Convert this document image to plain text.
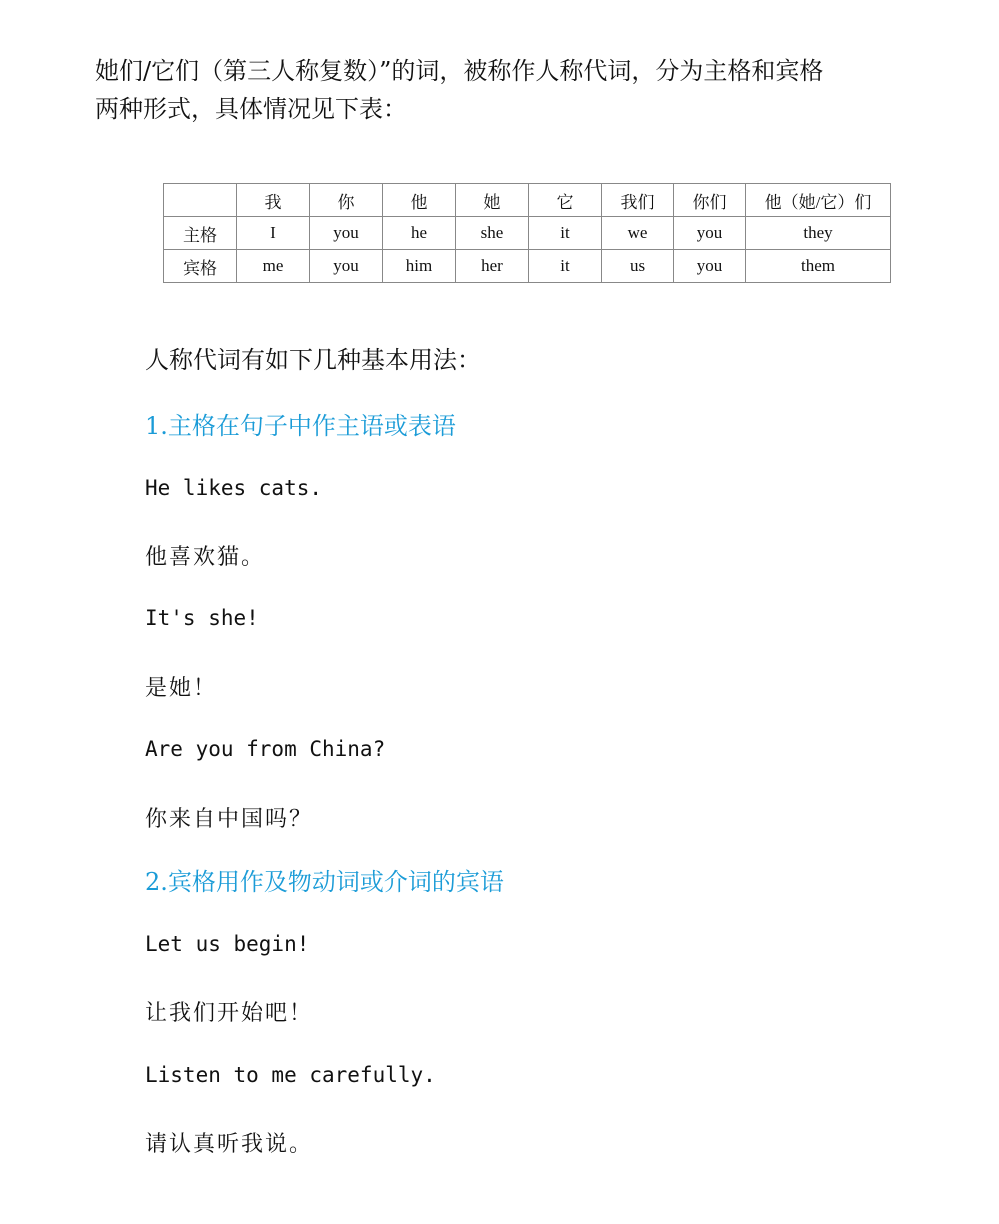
她们/它们（第三人称复数）”的词，被称作人称代词，分为主格和宾格

两种形式，具体情况见下表：

	我	你	他	她	它	我们	你们	他（她/它）们
主格	I	you	he	she	it	we	you	they
宾格	me	you	him	her	it	us	you	them

人称代词有如下几种基本用法：

1.主格在句子中作主语或表语

He likes cats.

他喜欢猫。

It's she!

是她！

Are you from China?

你来自中国吗？

2.宾格用作及物动词或介词的宾语

Let us begin!

让我们开始吧！

Listen to me carefully.

请认真听我说。
